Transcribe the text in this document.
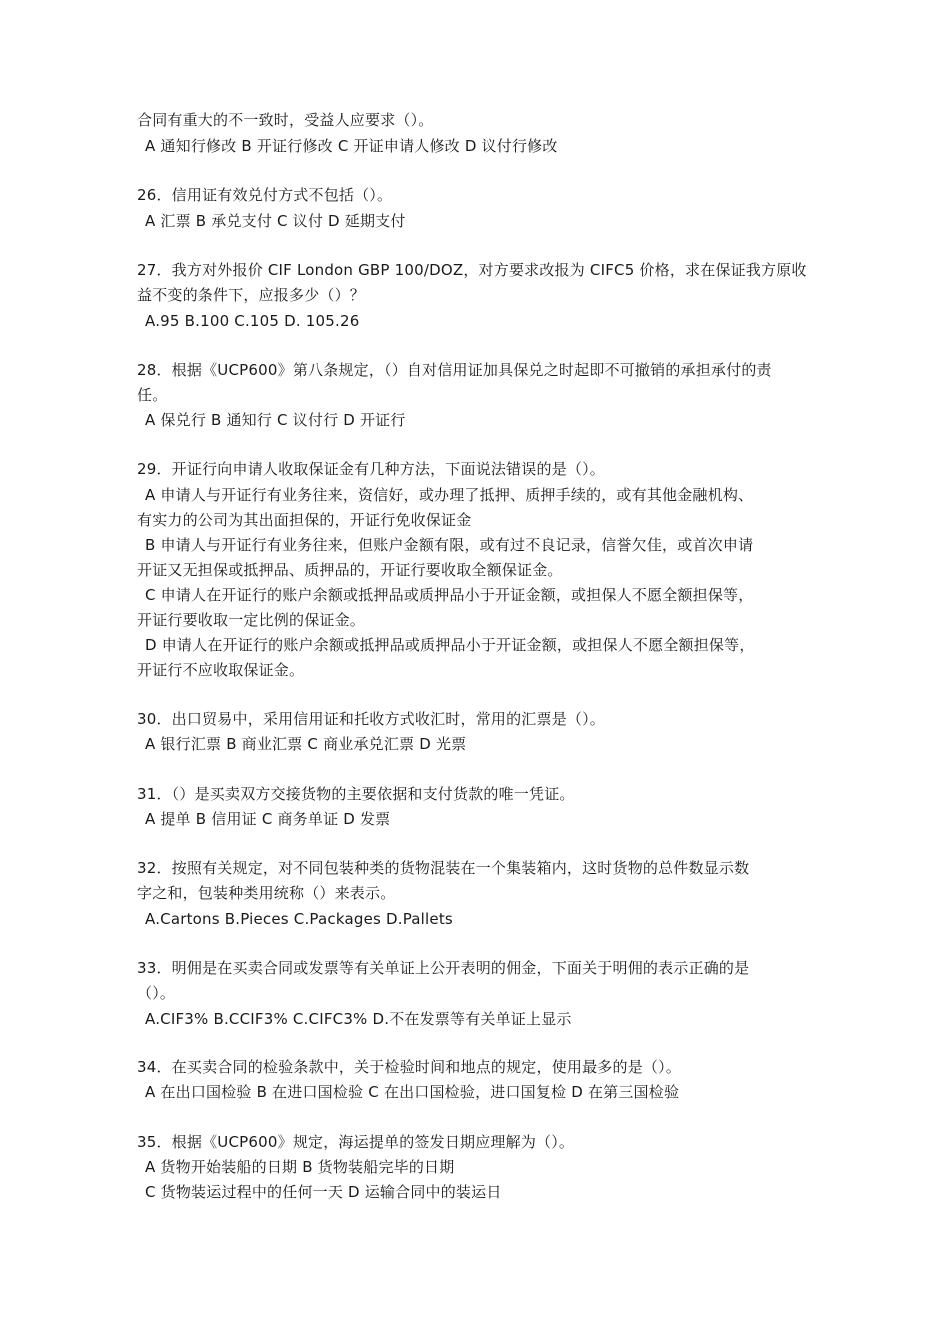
合同有重大的不一致时，受益人应要求（）。
A 通知行修改 B 开证行修改 C 开证申请人修改 D 议付行修改
26．信用证有效兑付方式不包括（）。
A 汇票 B 承兑支付 C 议付 D 延期支付
27．我方对外报价 CIF London GBP 100/DOZ，对方要求改报为 CIFC5 价格，求在保证我方原收
益不变的条件下，应报多少（）？
A.95 B.100 C.105 D. 105.26
28．根据《UCP600》第八条规定，（）自对信用证加具保兑之时起即不可撤销的承担承付的责
任。
A 保兑行 B 通知行 C 议付行 D 开证行
29．开证行向申请人收取保证金有几种方法，下面说法错误的是（）。
A 申请人与开证行有业务往来，资信好，或办理了抵押、质押手续的，或有其他金融机构、
有实力的公司为其出面担保的，开证行免收保证金
B 申请人与开证行有业务往来，但账户金额有限，或有过不良记录，信誉欠佳，或首次申请
开证又无担保或抵押品、质押品的，开证行要收取全额保证金。
C 申请人在开证行的账户余额或抵押品或质押品小于开证金额，或担保人不愿全额担保等，
开证行要收取一定比例的保证金。
D 申请人在开证行的账户余额或抵押品或质押品小于开证金额，或担保人不愿全额担保等，
开证行不应收取保证金。
30．出口贸易中，采用信用证和托收方式收汇时，常用的汇票是（）。
A 银行汇票 B 商业汇票 C 商业承兑汇票 D 光票
31．（）是买卖双方交接货物的主要依据和支付货款的唯一凭证。
A 提单 B 信用证 C 商务单证 D 发票
32．按照有关规定，对不同包装种类的货物混装在一个集装箱内，这时货物的总件数显示数
字之和，包装种类用统称（）来表示。
A.Cartons B.Pieces C.Packages D.Pallets
33．明佣是在买卖合同或发票等有关单证上公开表明的佣金，下面关于明佣的表示正确的是
（）。
A.CIF3% B.CCIF3% C.CIFC3% D.不在发票等有关单证上显示
34．在买卖合同的检验条款中，关于检验时间和地点的规定，使用最多的是（）。
A 在出口国检验 B 在进口国检验 C 在出口国检验，进口国复检 D 在第三国检验
35．根据《UCP600》规定，海运提单的签发日期应理解为（）。
A 货物开始装船的日期 B 货物装船完毕的日期
C 货物装运过程中的任何一天 D 运输合同中的装运日
